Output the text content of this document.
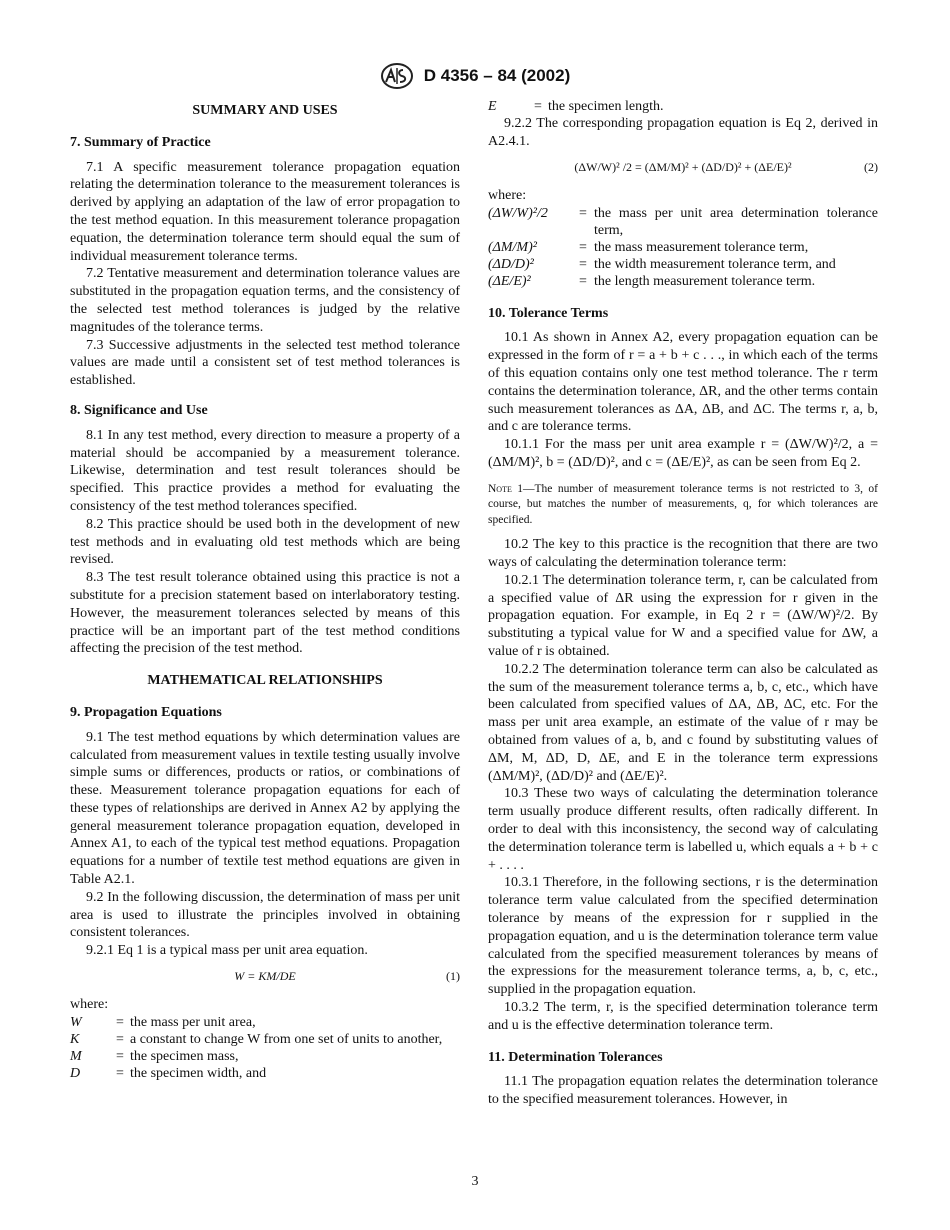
D 4356 – 84 (2002)
SUMMARY AND USES
7. Summary of Practice

7.1 A specific measurement tolerance propagation equation relating the determination tolerance to the measurement tolerances is derived by applying an adaptation of the law of error propagation to the test method equation. In this measurement tolerance propagation equation, the determination tolerance term should equal the sum of individual measurement tolerance terms.

7.2 Tentative measurement and determination tolerance values are substituted in the propagation equation terms, and the consistency of the selected test method tolerances is judged by the relative magnitudes of the tolerance terms.

7.3 Successive adjustments in the selected test method tolerance values are made until a consistent set of test method tolerances is established.

8. Significance and Use

8.1 In any test method, every direction to measure a property of a material should be accompanied by a measurement tolerance. Likewise, determination and test result tolerances should be specified. This practice provides a method for evaluating the consistency of the test method tolerances specified.

8.2 This practice should be used both in the development of new test methods and in evaluating old test methods which are being revised.

8.3 The test result tolerance obtained using this practice is not a substitute for a precision statement based on interlaboratory testing. However, the measurement tolerances selected by means of this practice will be an important part of the test method conditions affecting the precision of the test method.

MATHEMATICAL RELATIONSHIPS
9. Propagation Equations

9.1 The test method equations by which determination values are calculated from measurement values in textile testing usually involve simple sums or differences, products or ratios, or combinations of these. Measurement tolerance propagation equations for each of these types of relationships are derived in Annex A2 by applying the general measurement tolerance propagation equation, developed in Annex A1, to each of the typical test method equations. Propagation equations for a number of textile test method equations are given in Table A2.1.

9.2 In the following discussion, the determination of mass per unit area is used to illustrate the principles involved in obtaining consistent tolerances.

9.2.1 Eq 1 is a typical mass per unit area equation.

W = KM/DE	(1)

where:

W	= the mass per unit area,
K	= a constant to change W from one set of units to another,
M	= the specimen mass,
D	= the specimen width, and
E	= the specimen length.

9.2.2 The corresponding propagation equation is Eq 2, derived in A2.4.1.

(ΔW/W)² /2 = (ΔM/M)² + (ΔD/D)² + (ΔE/E)²	(2)

where:

(ΔW/W)²/2	= the mass per unit area determination tolerance term,
(ΔM/M)²	= the mass measurement tolerance term,
(ΔD/D)²	= the width measurement tolerance term, and
(ΔE/E)²	= the length measurement tolerance term.
10. Tolerance Terms

10.1 As shown in Annex A2, every propagation equation can be expressed in the form of r = a + b + c . . ., in which each of the terms of this equation contains only one test method tolerance. The r term contains the determination tolerance, ΔR, and the other terms contain such measurement tolerances as ΔA, ΔB, and ΔC. The terms r, a, b, and c are tolerance terms.

10.1.1 For the mass per unit area example r = (ΔW/W)²/2, a = (ΔM/M)², b = (ΔD/D)², and c = (ΔE/E)², as can be seen from Eq 2.

Note 1—The number of measurement tolerance terms is not restricted to 3, of course, but matches the number of measurements, q, for which tolerances are specified.

10.2 The key to this practice is the recognition that there are two ways of calculating the determination tolerance term:

10.2.1 The determination tolerance term, r, can be calculated from a specified value of ΔR using the expression for r given in the propagation equation. For example, in Eq 2 r = (ΔW/W)²/2. By substituting a typical value for W and a specified value for ΔW, a value of r is obtained.

10.2.2 The determination tolerance term can also be calculated as the sum of the measurement tolerance terms a, b, c, etc., which have been calculated from specified values of ΔA, ΔB, ΔC, etc. For the mass per unit area example, an estimate of the value of r may be obtained from values of a, b, and c found by substituting values of ΔM, M, ΔD, D, ΔE, and E in the tolerance term expressions (ΔM/M)², (ΔD/D)² and (ΔE/E)².

10.3 These two ways of calculating the determination tolerance term usually produce different results, often radically different. In order to deal with this inconsistency, the second way of calculating the determination tolerance term is labelled u, which equals a + b + c + . . . .

10.3.1 Therefore, in the following sections, r is the determination tolerance term value calculated from the specified determination tolerance by means of the expression for r supplied in the propagation equation, and u is the determination tolerance term value calculated from the specified measurement tolerances by means of the expressions for the measurement tolerance terms, a, b, c, etc., supplied in the propagation equation.

10.3.2 The term, r, is the specified determination tolerance term and u is the effective determination tolerance term.

11. Determination Tolerances

11.1 The propagation equation relates the determination tolerance to the specified measurement tolerances. However, in

3
